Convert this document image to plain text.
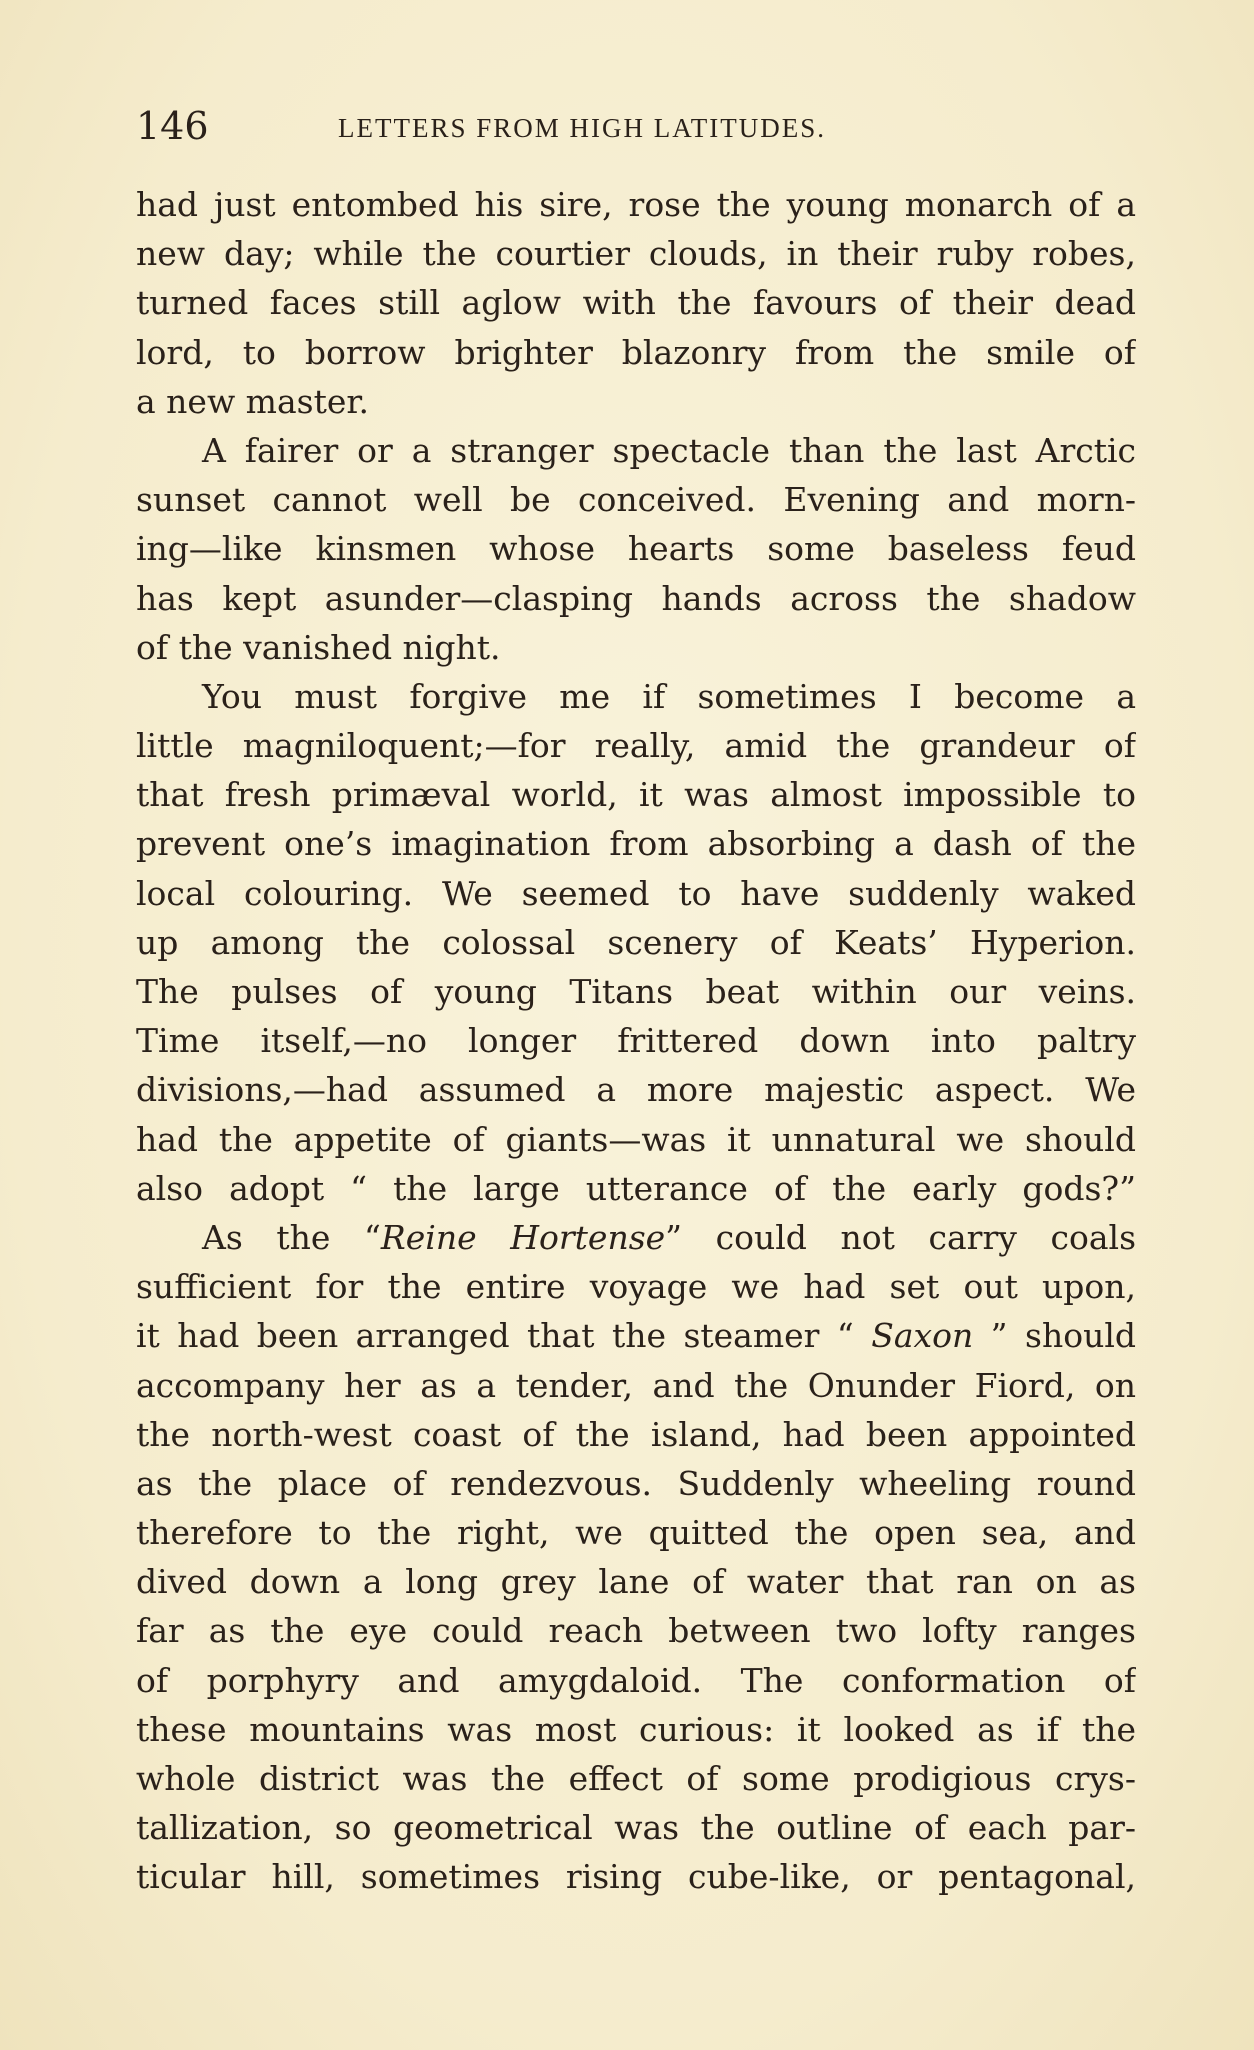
146	LETTERS FROM HIGH LATITUDES.
had just entombed his sire, rose the young monarch of a
new day; while the courtier clouds, in their ruby robes,
turned faces still aglow with the favours of their dead
lord, to borrow brighter blazonry from the smile of
a new master.
A fairer or a stranger spectacle than the last Arctic
sunset cannot well be conceived. Evening and morn-
ing—like kinsmen whose hearts some baseless feud
has kept asunder—clasping hands across the shadow
of the vanished night.
You must forgive me if sometimes I become a
little magniloquent;—for really, amid the grandeur of
that fresh primæval world, it was almost impossible to
prevent one’s imagination from absorbing a dash of the
local colouring. We seemed to have suddenly waked
up among the colossal scenery of Keats’ Hyperion.
The pulses of young Titans beat within our veins.
Time itself,—no longer frittered down into paltry
divisions,—had assumed a more majestic aspect. We
had the appetite of giants—was it unnatural we should
also adopt “ the large utterance of the early gods?”
As the “Reine Hortense” could not carry coals
sufficient for the entire voyage we had set out upon,
it had been arranged that the steamer “ Saxon ” should
accompany her as a tender, and the Onunder Fiord, on
the north-west coast of the island, had been appointed
as the place of rendezvous. Suddenly wheeling round
therefore to the right, we quitted the open sea, and
dived down a long grey lane of water that ran on as
far as the eye could reach between two lofty ranges
of porphyry and amygdaloid. The conformation of
these mountains was most curious: it looked as if the
whole district was the effect of some prodigious crys-
tallization, so geometrical was the outline of each par-
ticular hill, sometimes rising cube-like, or pentagonal,
